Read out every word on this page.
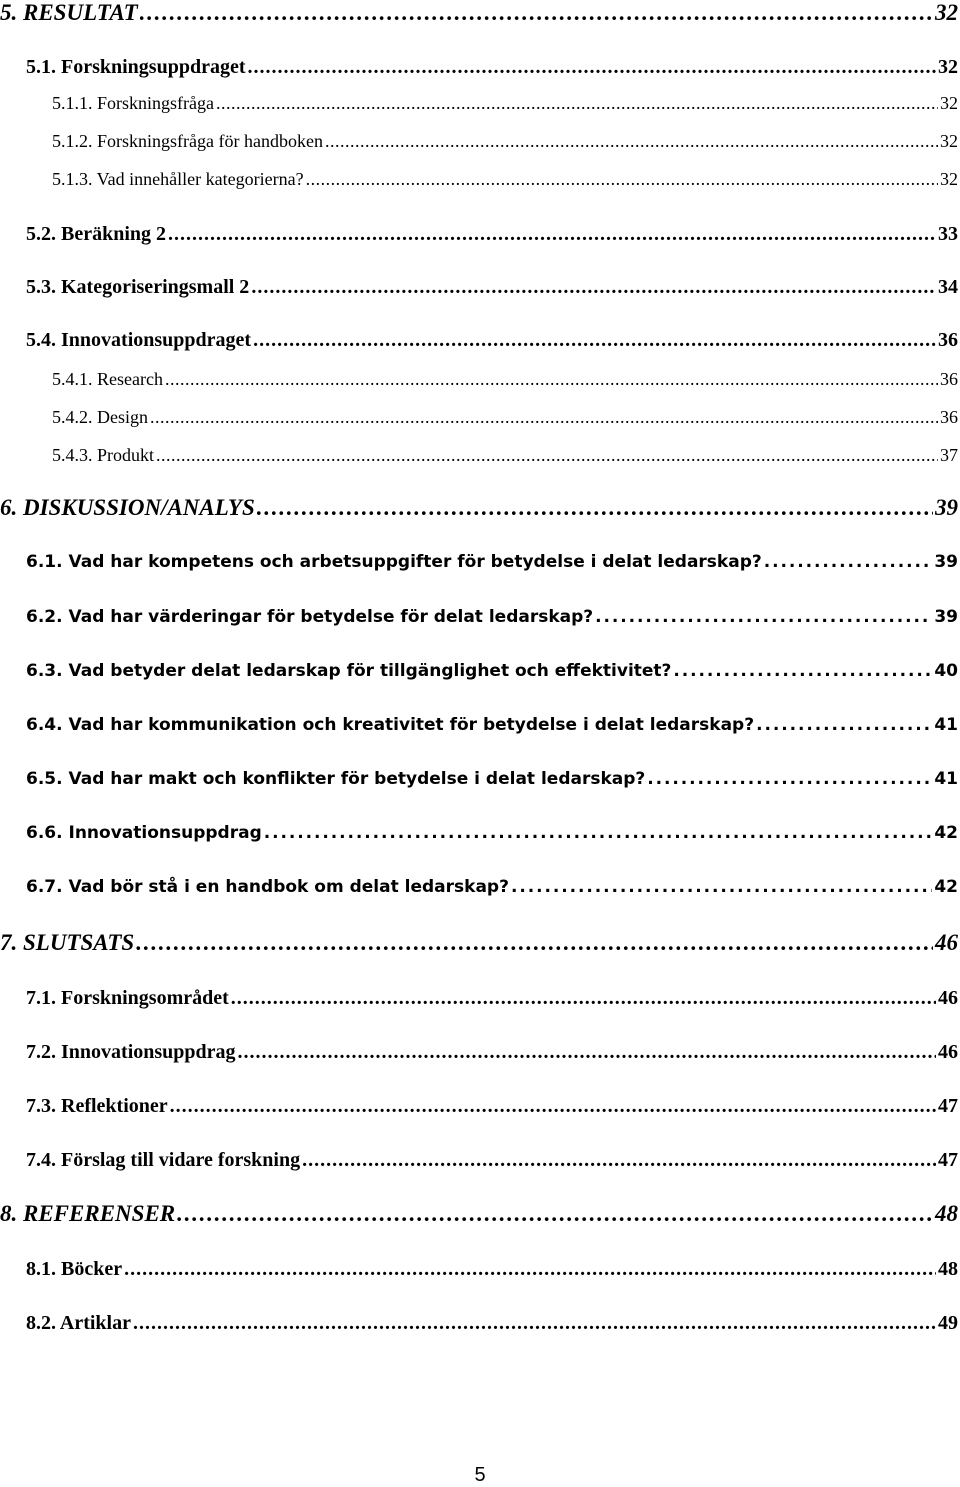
5. RESULTAT . . .	32
5.1. Forskningsuppdraget . . .	32
5.1.1. Forskningsfråga . . .	32
5.1.2. Forskningsfråga för handboken . . .	32
5.1.3. Vad innehåller kategorierna? . . .	32
5.2. Beräkning 2 . . .	33
5.3. Kategoriseringsmall 2 . . .	34
5.4. Innovationsuppdraget . . .	36
5.4.1. Research . . .	36
5.4.2. Design . . .	36
5.4.3. Produkt . . .	37
6. DISKUSSION/ANALYS . . .	39
6.1. Vad har kompetens och arbetsuppgifter för betydelse i delat ledarskap? . . .	39
6.2. Vad har värderingar för betydelse för delat ledarskap? . . .	39
6.3. Vad betyder delat ledarskap för tillgänglighet och effektivitet? . . .	40
6.4. Vad har kommunikation och kreativitet för betydelse i delat ledarskap? . . .	41
6.5. Vad har makt och konflikter för betydelse i delat ledarskap? . . .	41
6.6. Innovationsuppdrag . . .	42
6.7. Vad bör stå i en handbok om delat ledarskap? . . .	42
7. SLUTSATS . . .	46
7.1. Forskningsområdet . . .	46
7.2. Innovationsuppdrag . . .	46
7.3. Reflektioner . . .	47
7.4. Förslag till vidare forskning . . .	47
8. REFERENSER . . .	48
8.1. Böcker . . .	48
8.2. Artiklar . . .	49
5
